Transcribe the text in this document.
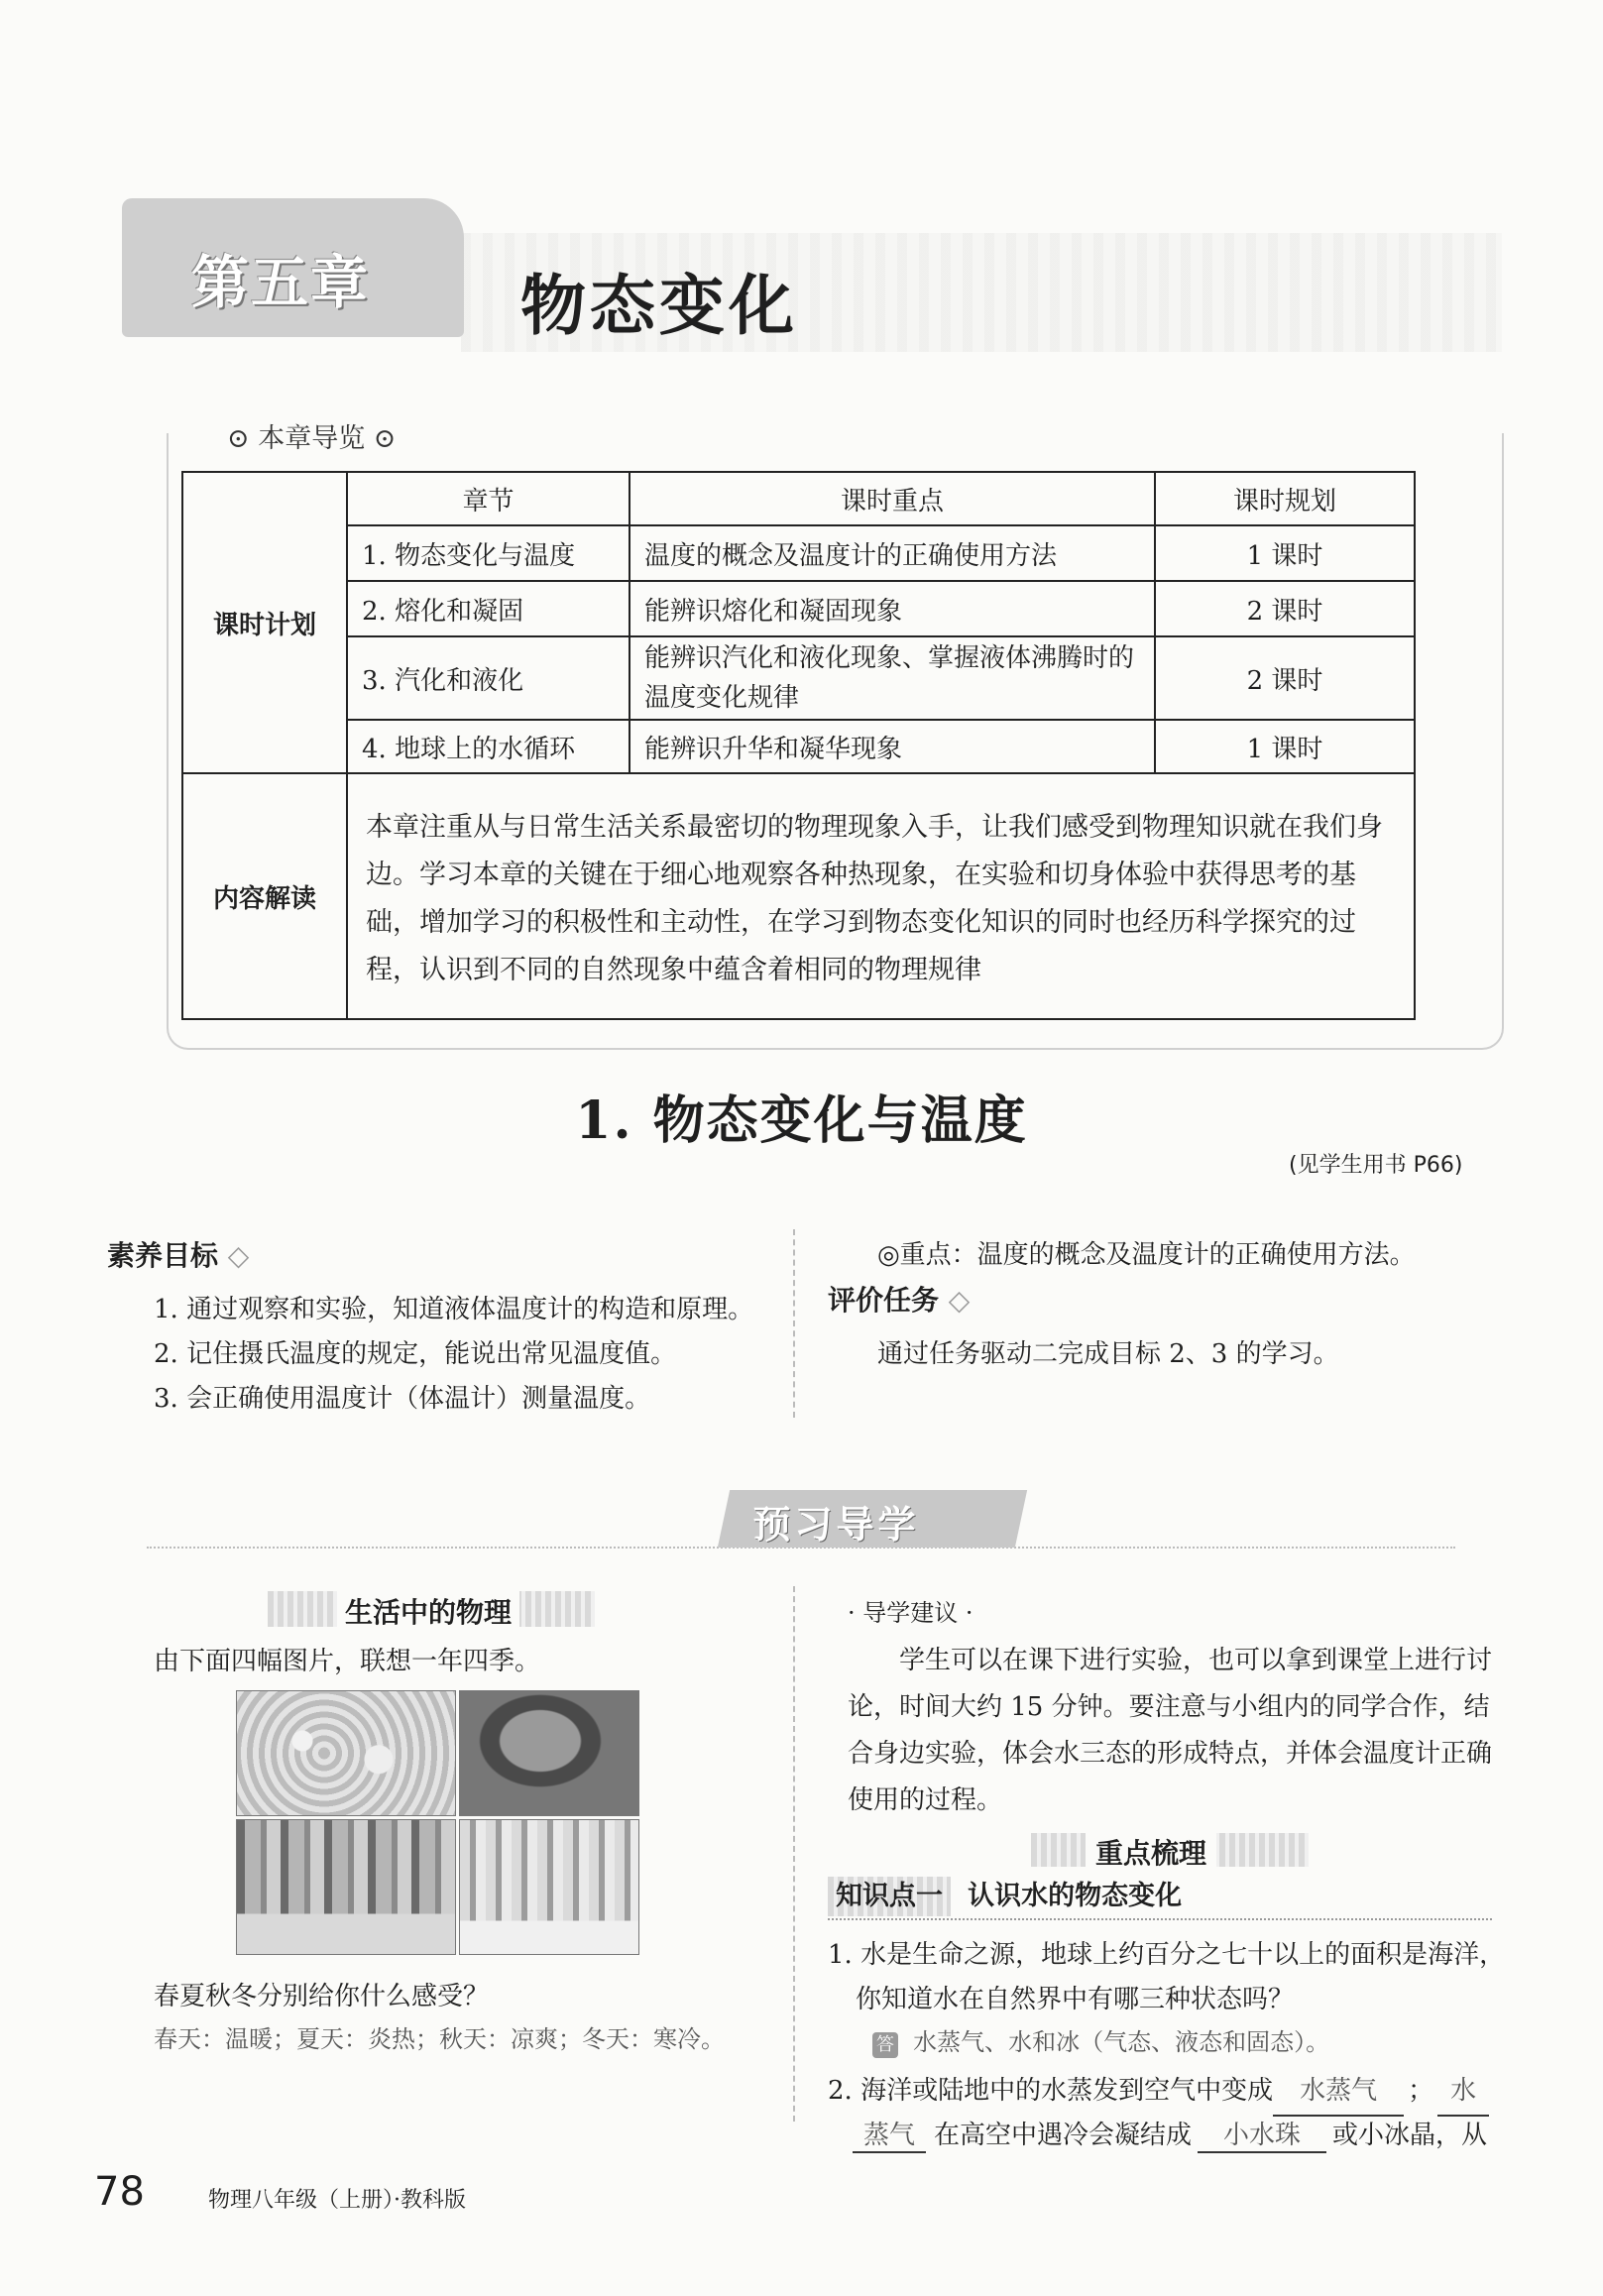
第五章 物态变化
⊙ 本章导览 ⊙
课时计划	章节	课时重点	课时规划
	1. 物态变化与温度	温度的概念及温度计的正确使用方法	1 课时
	2. 熔化和凝固	能辨识熔化和凝固现象	2 课时
	3. 汽化和液化	能辨识汽化和液化现象、掌握液体沸腾时的温度变化规律	2 课时
	4. 地球上的水循环	能辨识升华和凝华现象	1 课时

内容解读	本章注重从与日常生活关系最密切的物理现象入手，让我们感受到物理知识就在我们身边。学习本章的关键在于细心地观察各种热现象，在实验和切身体验中获得思考的基础，增加学习的积极性和主动性，在学习到物态变化知识的同时也经历科学探究的过程，认识到不同的自然现象中蕴含着相同的物理规律		
1. 物态变化与温度
(见学生用书 P66)
素养目标 ◇
1. 通过观察和实验，知道液体温度计的构造和原理。
2. 记住摄氏温度的规定，能说出常见温度值。
3. 会正确使用温度计（体温计）测量温度。
◎重点：温度的概念及温度计的正确使用方法。
评价任务 ◇
通过任务驱动二完成目标 2、3 的学习。
预习导学
生活中的物理
由下面四幅图片，联想一年四季。
春夏秋冬分别给你什么感受？
春天：温暖；夏天：炎热；秋天：凉爽；冬天：寒冷。
· 导学建议 ·
学生可以在课下进行实验，也可以拿到课堂上进行讨论，时间大约 15 分钟。要注意与小组内的同学合作，结合身边实验，体会水三态的形成特点，并体会温度计正确使用的过程。
重点梳理
知识点一 认识水的物态变化
1. 水是生命之源，地球上约百分之七十以上的面积是海洋，你知道水在自然界中有哪三种状态吗？
答 水蒸气、水和冰（气态、液态和固态）。
2. 海洋或陆地中的水蒸发到空气中变成 水蒸气 ； 水
蒸气 在高空中遇冷会凝结成 小水珠 或小冰晶，从
78	物理八年级（上册）·教科版
